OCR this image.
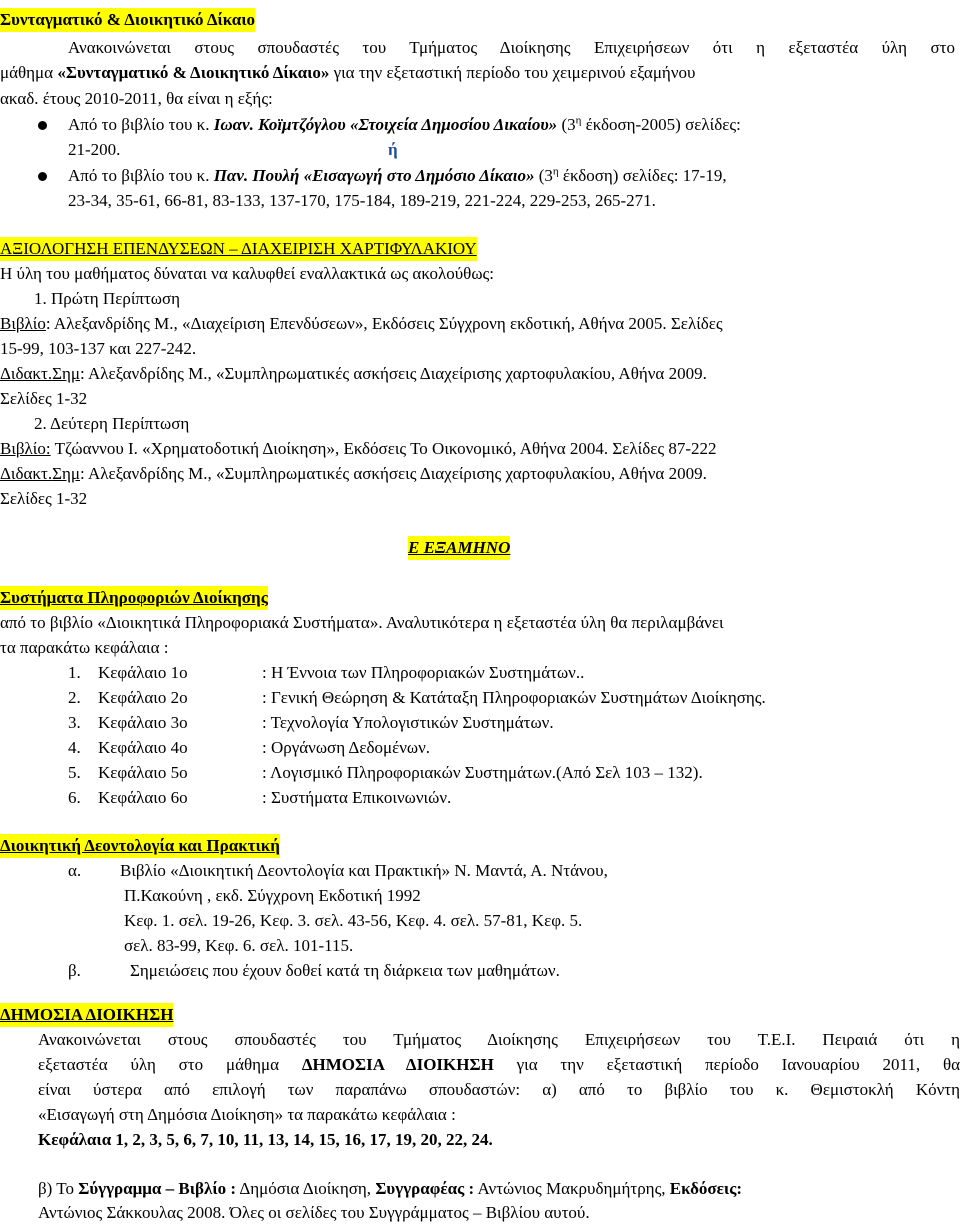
Συνταγματικό & Διοικητικό Δίκαιο
Ανακοινώνεται στους σπουδαστές του Τμήματος Διοίκησης Επιχειρήσεων ότι η εξεταστέα ύλη στο
μάθημα «Συνταγματικό & Διοικητικό Δίκαιο» για την εξεταστική περίοδο του χειμερινού εξαμήνου
ακαδ. έτους 2010-2011, θα είναι η εξής:
Από το βιβλίο του κ. Ιωαν. Κοϊμτζόγλου «Στοιχεία Δημοσίου Δικαίου» ($3^\eta$ έκδοση-2005) σελίδες:
21-200.	ή
Από το βιβλίο του κ. Παν. Πουλή «Εισαγωγή στο Δημόσιο Δίκαιο» ($3^\eta$ έκδοση) σελίδες: 17-19,
23-34, 35-61, 66-81, 83-133, 137-170, 175-184, 189-219, 221-224, 229-253, 265-271.
ΑΞΙΟΛΟΓΗΣΗ ΕΠΕΝΔΥΣΕΩΝ – ΔΙΑΧΕΙΡΙΣΗ ΧΑΡΤΙΦΥΛΑΚΙΟΥ
Η ύλη του μαθήματος δύναται να καλυφθεί εναλλακτικά ως ακολούθως:
1. Πρώτη Περίπτωση
Βιβλίο: Αλεξανδρίδης Μ., «Διαχείριση Επενδύσεων», Εκδόσεις Σύγχρονη εκδοτική, Αθήνα 2005. Σελίδες
15-99, 103-137 και 227-242.
Διδακτ.Σημ: Αλεξανδρίδης Μ., «Συμπληρωματικές ασκήσεις Διαχείρισης χαρτοφυλακίου, Αθήνα 2009.
Σελίδες 1-32
2. Δεύτερη Περίπτωση
Βιβλίο: Τζώαννου Ι. «Χρηματοδοτική Διοίκηση», Εκδόσεις Το Οικονομικό, Αθήνα 2004. Σελίδες 87-222
Διδακτ.Σημ: Αλεξανδρίδης Μ., «Συμπληρωματικές ασκήσεις Διαχείρισης χαρτοφυλακίου, Αθήνα 2009.
Σελίδες 1-32
Ε ΕΞΑΜΗΝΟ
Συστήματα Πληροφοριών Διοίκησης
από το βιβλίο «Διοικητικά Πληροφοριακά Συστήματα». Αναλυτικότερα η εξεταστέα ύλη θα περιλαμβάνει
τα παρακάτω κεφάλαια :
1. Κεφάλαιο 1ο	: Η Έννοια των Πληροφοριακών Συστημάτων..
2. Κεφάλαιο 2ο	: Γενική Θεώρηση & Κατάταξη Πληροφοριακών Συστημάτων Διοίκησης.
3. Κεφάλαιο 3ο	: Τεχνολογία Υπολογιστικών Συστημάτων.
4. Κεφάλαιο 4ο	: Οργάνωση Δεδομένων.
5. Κεφάλαιο 5ο	: Λογισμικό Πληροφοριακών Συστημάτων.(Από Σελ 103 – 132).
6. Κεφάλαιο 6ο	: Συστήματα Επικοινωνιών.
Διοικητική Δεοντολογία και Πρακτική
α. Βιβλίο «Διοικητική Δεοντολογία και Πρακτική» Ν. Μαντά, Α. Ντάνου,
Π.Κακούνη , εκδ. Σύγχρονη Εκδοτική 1992
Κεφ. 1. σελ. 19-26, Κεφ. 3. σελ. 43-56, Κεφ. 4. σελ. 57-81, Κεφ. 5.
σελ. 83-99, Κεφ. 6. σελ. 101-115.
β.	Σημειώσεις που έχουν δοθεί κατά τη διάρκεια των μαθημάτων.
ΔΗΜΟΣΙΑ ΔΙΟΙΚΗΣΗ
Ανακοινώνεται στους σπουδαστές του Τμήματος Διοίκησης Επιχειρήσεων του Τ.Ε.Ι. Πειραιά ότι η
εξεταστέα ύλη στο μάθημα ΔΗΜΟΣΙΑ ΔΙΟΙΚΗΣΗ για την εξεταστική περίοδο Ιανουαρίου 2011, θα
είναι ύστερα από επιλογή των παραπάνω σπουδαστών: α) από το βιβλίο του κ. Θεμιστοκλή Κόντη
«Εισαγωγή στη Δημόσια Διοίκηση» τα παρακάτω κεφάλαια :
Κεφάλαια 1, 2, 3, 5, 6, 7, 10, 11, 13, 14, 15, 16, 17, 19, 20, 22, 24.
β) Το Σύγγραμμα – Βιβλίο : Δημόσια Διοίκηση, Συγγραφέας : Αντώνιος Μακρυδημήτρης, Εκδόσεις:
Αντώνιος Σάκκουλας 2008. Όλες οι σελίδες του Συγγράμματος – Βιβλίου αυτού.
